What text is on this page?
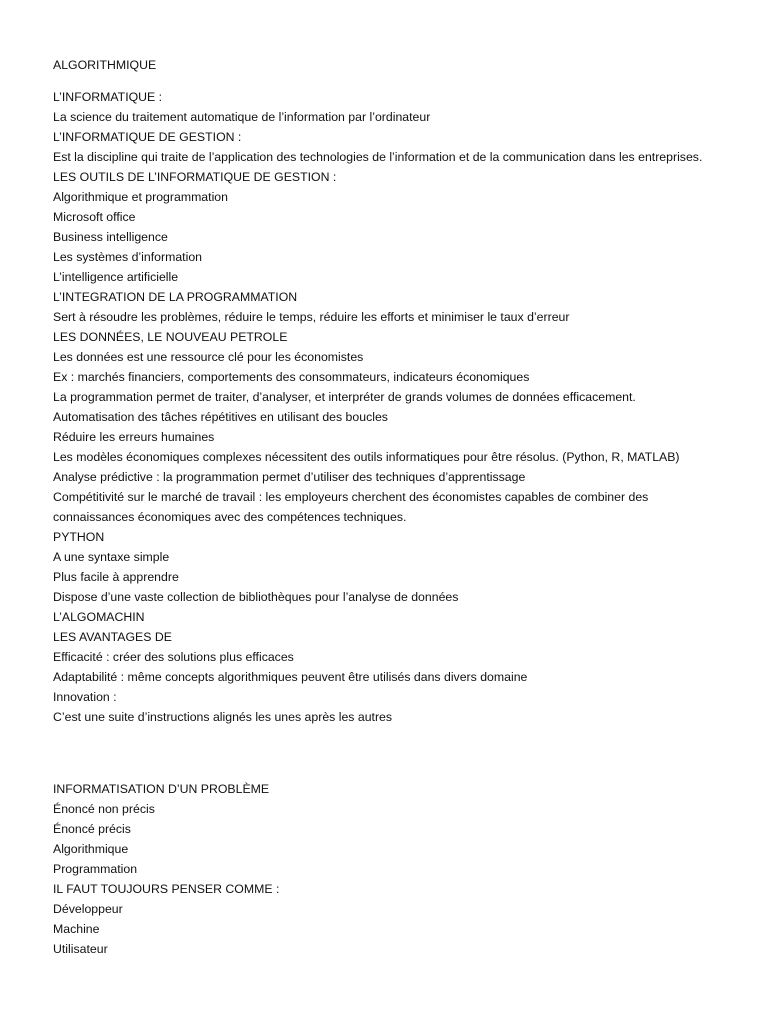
ALGORITHMIQUE

L’INFORMATIQUE :

La science du traitement automatique de l’information par l’ordinateur

L’INFORMATIQUE DE GESTION :

Est la discipline qui traite de l’application des technologies de l’information et de la communication dans les entreprises.

LES OUTILS DE L’INFORMATIQUE DE GESTION :

Algorithmique et programmation

Microsoft office

Business intelligence

Les systèmes d’information

L’intelligence artificielle

L’INTEGRATION DE LA PROGRAMMATION

Sert à résoudre les problèmes, réduire le temps, réduire les efforts et minimiser le taux d’erreur

LES DONNÉES, LE NOUVEAU PETROLE

Les données est une ressource clé pour les économistes

Ex : marchés financiers, comportements des consommateurs, indicateurs économiques

La programmation permet de traiter, d’analyser, et interpréter de grands volumes de données efficacement.

Automatisation des tâches répétitives en utilisant des boucles

Réduire les erreurs humaines

Les modèles économiques complexes nécessitent des outils informatiques pour être résolus. (Python, R, MATLAB)

Analyse prédictive : la programmation permet d’utiliser des techniques d’apprentissage

Compétitivité sur le marché de travail : les employeurs cherchent des économistes capables de combiner des connaissances économiques avec des compétences techniques.

PYTHON

A une syntaxe simple

Plus facile à apprendre

Dispose d’une vaste collection de bibliothèques pour l’analyse de données

L’ALGOMACHIN

LES AVANTAGES DE

Efficacité : créer des solutions plus efficaces

Adaptabilité : même concepts algorithmiques peuvent être utilisés dans divers domaine

Innovation :

C’est une suite d’instructions alignés les unes après les autres

INFORMATISATION D’UN PROBLÈME

Énoncé non précis

Énoncé précis

Algorithmique

Programmation

IL FAUT TOUJOURS PENSER COMME :

Développeur

Machine

Utilisateur
